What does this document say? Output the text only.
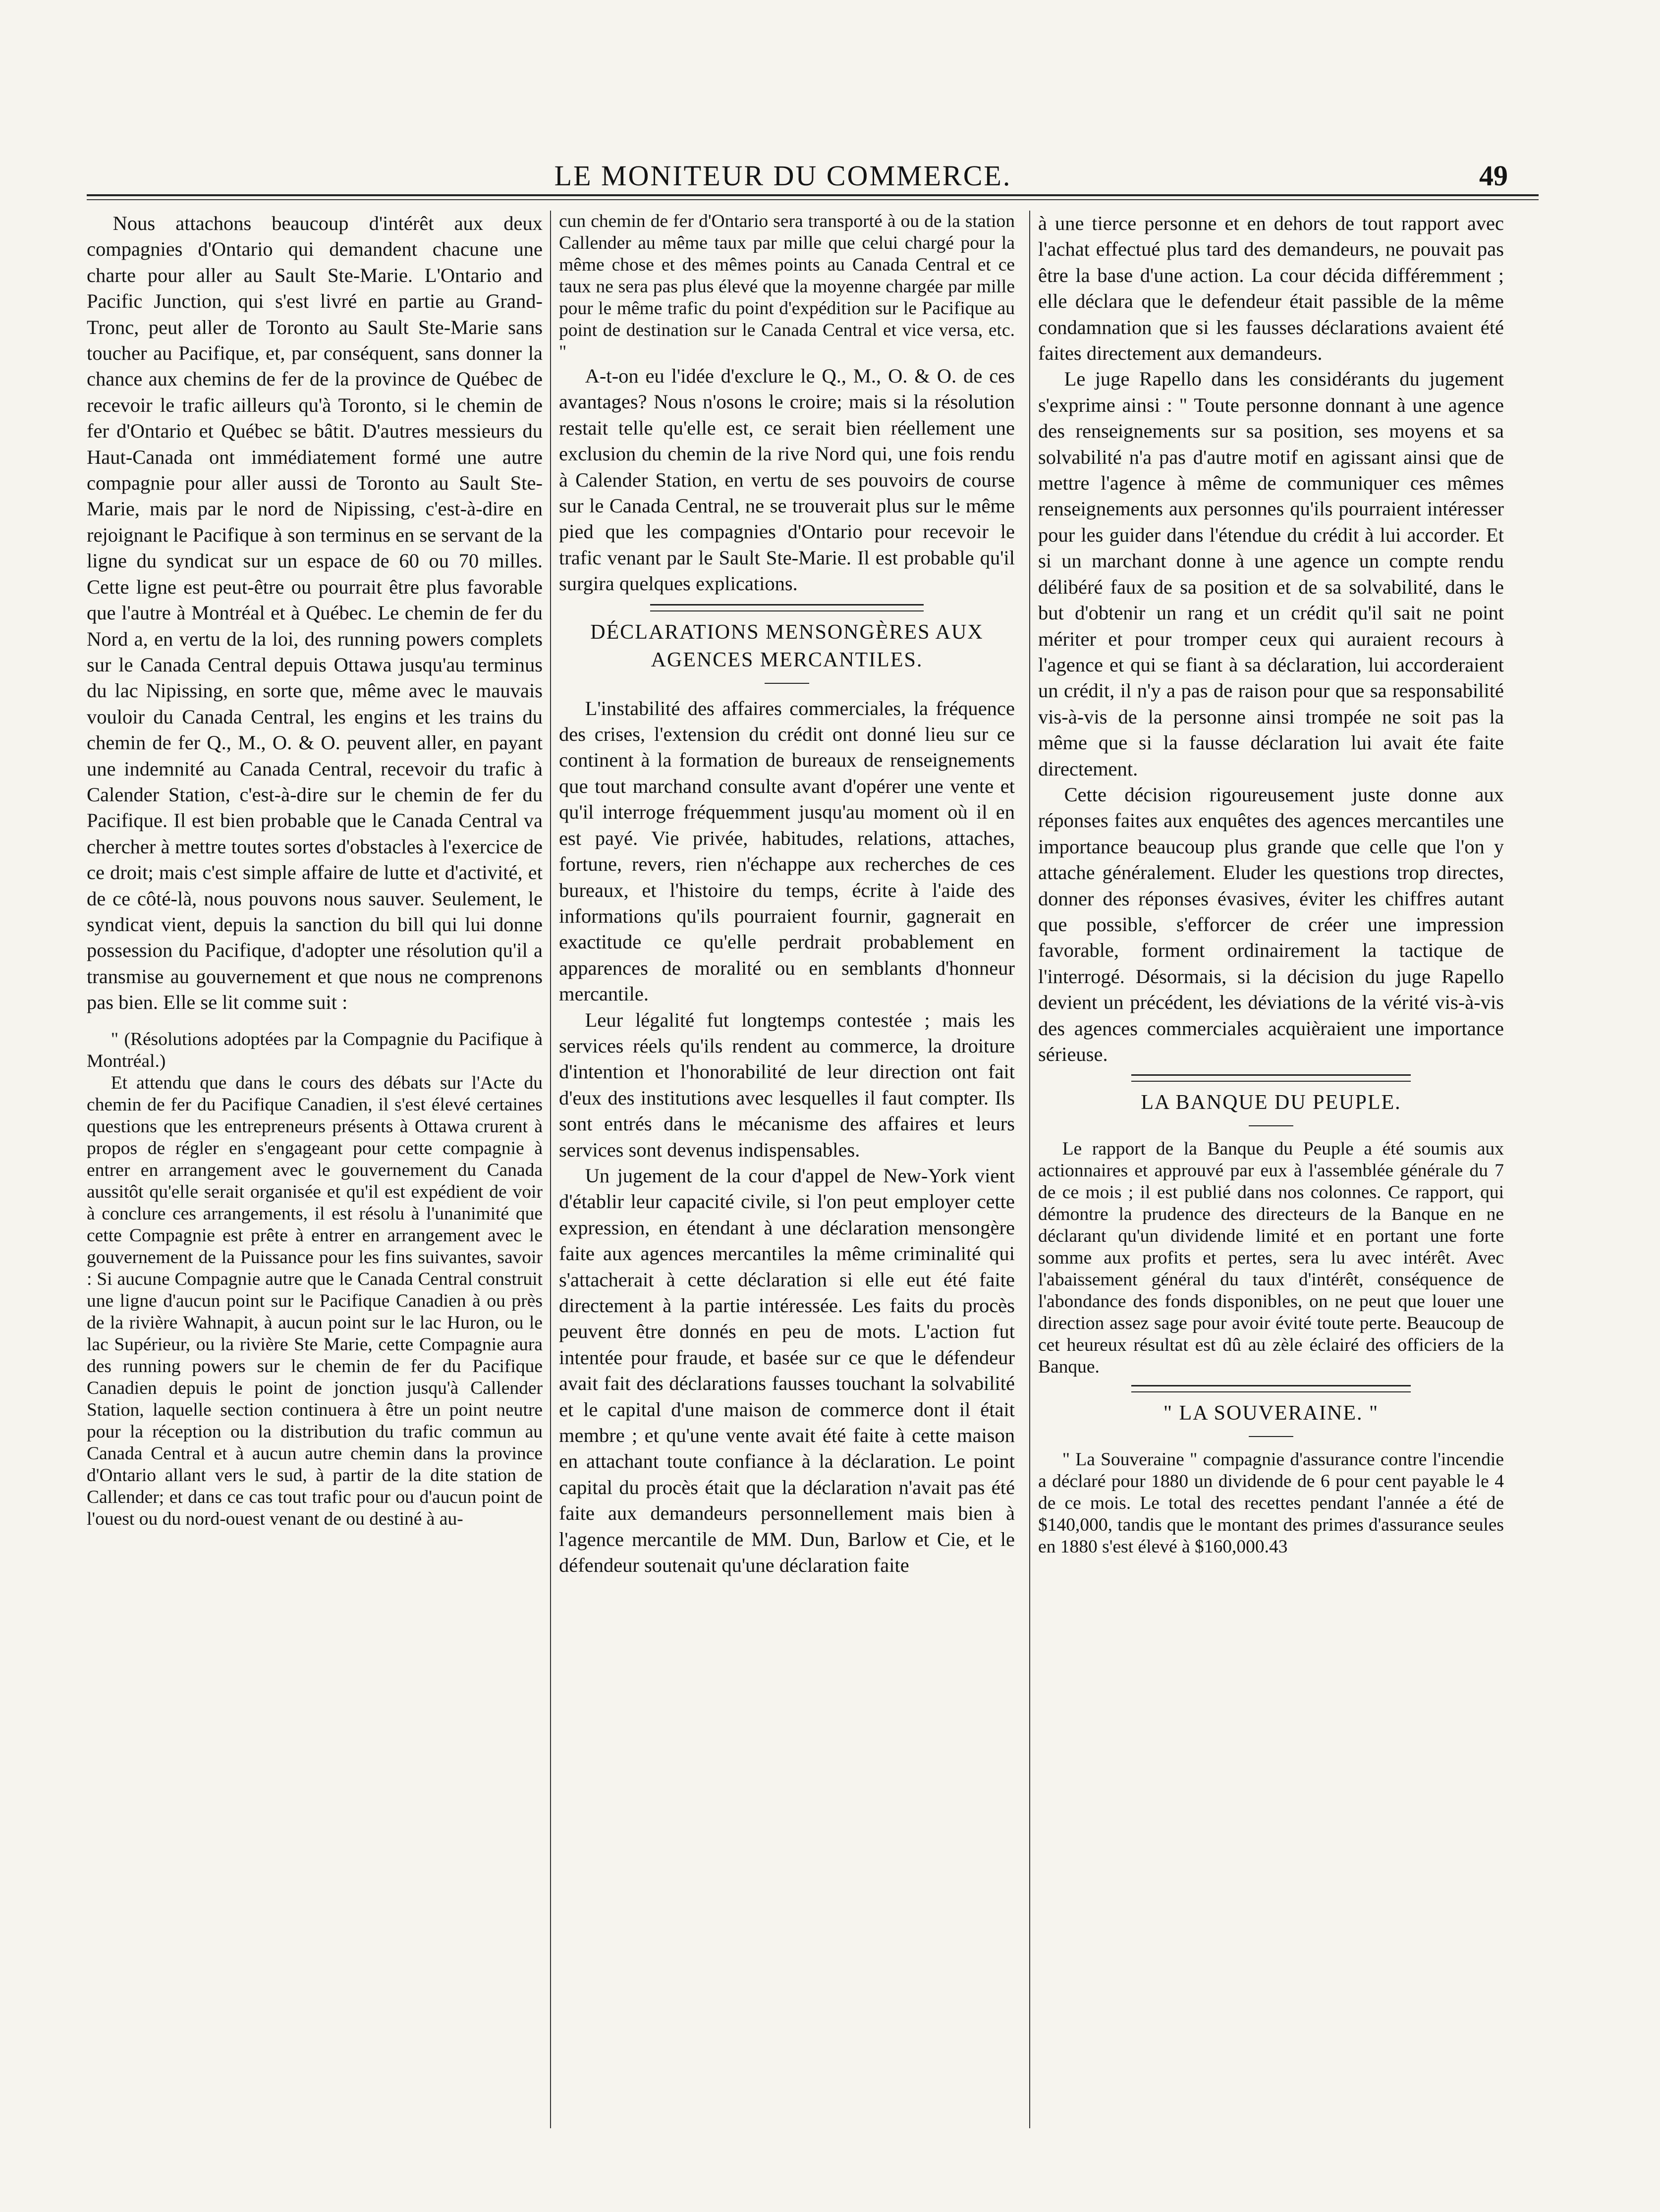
LE MONITEUR DU COMMERCE.	49

Nous attachons beaucoup d'intérêt aux deux compagnies d'Ontario qui demandent chacune une charte pour aller au Sault Ste-Marie. L'Ontario and Pacific Junction, qui s'est livré en partie au Grand-Tronc, peut aller de Toronto au Sault Ste-Marie sans toucher au Pacifique, et, par conséquent, sans donner la chance aux chemins de fer de la province de Québec de recevoir le trafic ailleurs qu'à Toronto, si le chemin de fer d'Ontario et Québec se bâtit. D'autres messieurs du Haut-Canada ont immédiatement formé une autre compagnie pour aller aussi de Toronto au Sault Ste-Marie, mais par le nord de Nipissing, c'est-à-dire en rejoignant le Pacifique à son terminus en se servant de la ligne du syndicat sur un espace de 60 ou 70 milles. Cette ligne est peut-être ou pourrait être plus favorable que l'autre à Montréal et à Québec. Le chemin de fer du Nord a, en vertu de la loi, des running powers complets sur le Canada Central depuis Ottawa jusqu'au terminus du lac Nipissing, en sorte que, même avec le mauvais vouloir du Canada Central, les engins et les trains du chemin de fer Q., M., O. & O. peuvent aller, en payant une indemnité au Canada Central, recevoir du trafic à Calender Station, c'est-à-dire sur le chemin de fer du Pacifique. Il est bien probable que le Canada Central va chercher à mettre toutes sortes d'obstacles à l'exercice de ce droit; mais c'est simple affaire de lutte et d'activité, et de ce côté-là, nous pouvons nous sauver. Seulement, le syndicat vient, depuis la sanction du bill qui lui donne possession du Pacifique, d'adopter une résolution qu'il a transmise au gouvernement et que nous ne comprenons pas bien. Elle se lit comme suit :

" (Résolutions adoptées par la Compagnie du Pacifique à Montréal.)

Et attendu que dans le cours des débats sur l'Acte du chemin de fer du Pacifique Canadien, il s'est élevé certaines questions que les entrepreneurs présents à Ottawa crurent à propos de régler en s'engageant pour cette compagnie à entrer en arrangement avec le gouvernement du Canada aussitôt qu'elle serait organisée et qu'il est expédient de voir à conclure ces arrangements, il est résolu à l'unanimité que cette Compagnie est prête à entrer en arrangement avec le gouvernement de la Puissance pour les fins suivantes, savoir : Si aucune Compagnie autre que le Canada Central construit une ligne d'aucun point sur le Pacifique Canadien à ou près de la rivière Wahnapit, à aucun point sur le lac Huron, ou le lac Supérieur, ou la rivière Ste Marie, cette Compagnie aura des running powers sur le chemin de fer du Pacifique Canadien depuis le point de jonction jusqu'à Callender Station, laquelle section continuera à être un point neutre pour la réception ou la distribution du trafic commun au Canada Central et à aucun autre chemin dans la province d'Ontario allant vers le sud, à partir de la dite station de Callender; et dans ce cas tout trafic pour ou d'aucun point de l'ouest ou du nord-ouest venant de ou destiné à au-

cun chemin de fer d'Ontario sera transporté à ou de la station Callender au même taux par mille que celui chargé pour la même chose et des mêmes points au Canada Central et ce taux ne sera pas plus élevé que la moyenne chargée par mille pour le même trafic du point d'expédition sur le Pacifique au point de destination sur le Canada Central et vice versa, etc. "

A-t-on eu l'idée d'exclure le Q., M., O. & O. de ces avantages? Nous n'osons le croire; mais si la résolution restait telle qu'elle est, ce serait bien réellement une exclusion du chemin de la rive Nord qui, une fois rendu à Calender Station, en vertu de ses pouvoirs de course sur le Canada Central, ne se trouverait plus sur le même pied que les compagnies d'Ontario pour recevoir le trafic venant par le Sault Ste-Marie. Il est probable qu'il surgira quelques explications.

DÉCLARATIONS MENSONGÈRES AUX AGENCES MERCANTILES.

L'instabilité des affaires commerciales, la fréquence des crises, l'extension du crédit ont donné lieu sur ce continent à la formation de bureaux de renseignements que tout marchand consulte avant d'opérer une vente et qu'il interroge fréquemment jusqu'au moment où il en est payé. Vie privée, habitudes, relations, attaches, fortune, revers, rien n'échappe aux recherches de ces bureaux, et l'histoire du temps, écrite à l'aide des informations qu'ils pourraient fournir, gagnerait en exactitude ce qu'elle perdrait probablement en apparences de moralité ou en semblants d'honneur mercantile.

Leur légalité fut longtemps contestée ; mais les services réels qu'ils rendent au commerce, la droiture d'intention et l'honorabilité de leur direction ont fait d'eux des institutions avec lesquelles il faut compter. Ils sont entrés dans le mécanisme des affaires et leurs services sont devenus indispensables.

Un jugement de la cour d'appel de New-York vient d'établir leur capacité civile, si l'on peut employer cette expression, en étendant à une déclaration mensongère faite aux agences mercantiles la même criminalité qui s'attacherait à cette déclaration si elle eut été faite directement à la partie intéressée. Les faits du procès peuvent être donnés en peu de mots. L'action fut intentée pour fraude, et basée sur ce que le défendeur avait fait des déclarations fausses touchant la solvabilité et le capital d'une maison de commerce dont il était membre ; et qu'une vente avait été faite à cette maison en attachant toute confiance à la déclaration. Le point capital du procès était que la déclaration n'avait pas été faite aux demandeurs personnellement mais bien à l'agence mercantile de MM. Dun, Barlow et Cie, et le défendeur soutenait qu'une déclaration faite

à une tierce personne et en dehors de tout rapport avec l'achat effectué plus tard des demandeurs, ne pouvait pas être la base d'une action. La cour décida différemment ; elle déclara que le defendeur était passible de la même condamnation que si les fausses déclarations avaient été faites directement aux demandeurs.

Le juge Rapello dans les considérants du jugement s'exprime ainsi : " Toute personne donnant à une agence des renseignements sur sa position, ses moyens et sa solvabilité n'a pas d'autre motif en agissant ainsi que de mettre l'agence à même de communiquer ces mêmes renseignements aux personnes qu'ils pourraient intéresser pour les guider dans l'étendue du crédit à lui accorder. Et si un marchant donne à une agence un compte rendu délibéré faux de sa position et de sa solvabilité, dans le but d'obtenir un rang et un crédit qu'il sait ne point mériter et pour tromper ceux qui auraient recours à l'agence et qui se fiant à sa déclaration, lui accorderaient un crédit, il n'y a pas de raison pour que sa responsabilité vis-à-vis de la personne ainsi trompée ne soit pas la même que si la fausse déclaration lui avait éte faite directement.

Cette décision rigoureusement juste donne aux réponses faites aux enquêtes des agences mercantiles une importance beaucoup plus grande que celle que l'on y attache généralement. Eluder les questions trop directes, donner des réponses évasives, éviter les chiffres autant que possible, s'efforcer de créer une impression favorable, forment ordinairement la tactique de l'interrogé. Désormais, si la décision du juge Rapello devient un précédent, les déviations de la vérité vis-à-vis des agences commerciales acquièraient une importance sérieuse.

LA BANQUE DU PEUPLE.

Le rapport de la Banque du Peuple a été soumis aux actionnaires et approuvé par eux à l'assemblée générale du 7 de ce mois ; il est publié dans nos colonnes. Ce rapport, qui démontre la prudence des directeurs de la Banque en ne déclarant qu'un dividende limité et en portant une forte somme aux profits et pertes, sera lu avec intérêt. Avec l'abaissement général du taux d'intérêt, conséquence de l'abondance des fonds disponibles, on ne peut que louer une direction assez sage pour avoir évité toute perte. Beaucoup de cet heureux résultat est dû au zèle éclairé des officiers de la Banque.

" LA SOUVERAINE. "

" La Souveraine " compagnie d'assurance contre l'incendie a déclaré pour 1880 un dividende de 6 pour cent payable le 4 de ce mois. Le total des recettes pendant l'année a été de $140,000, tandis que le montant des primes d'assurance seules en 1880 s'est élevé à $160,000.43
